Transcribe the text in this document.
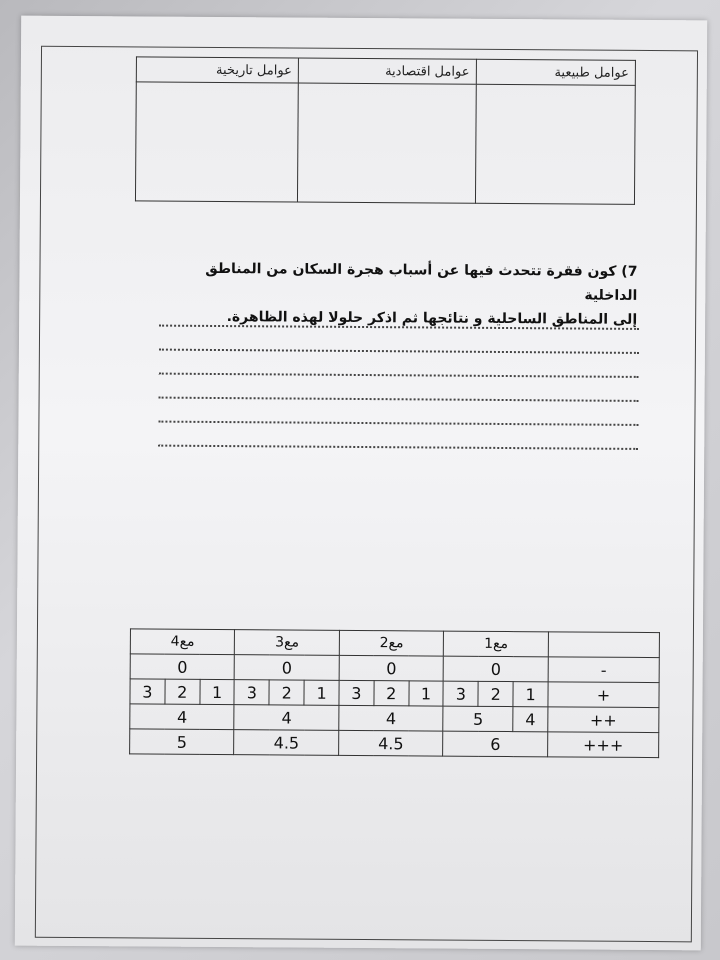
عوامل طبيعية	عوامل اقتصادية	عوامل تاريخية

7) كون فقرة تتحدث فيها عن أسباب هجرة السكان من المناطق الداخلية
إلى المناطق الساحلية و نتائجها ثم اذكر حلولا لهذه الظاهرة.
مع4			مع3			مع2			مع1			
0			0			0			0			-
3	2	1	3	2	1	3	2	1	3	2	1	+
4			4			4			5		4	++
5			4.5			4.5			6			+++
